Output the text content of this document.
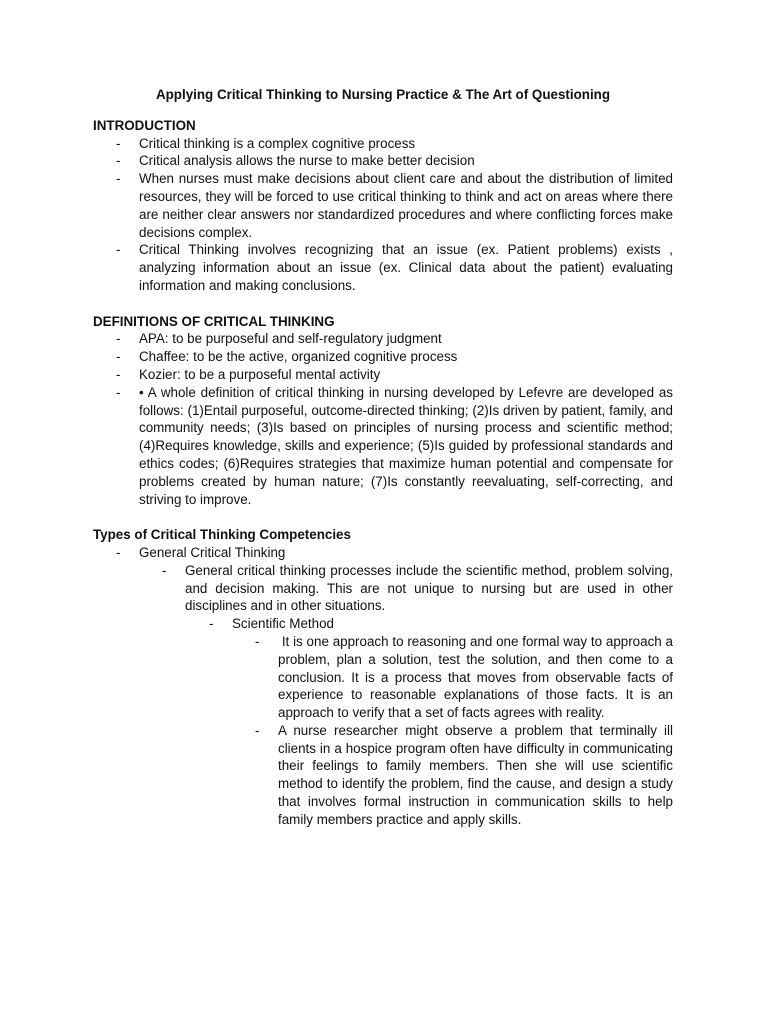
Applying Critical Thinking to Nursing Practice & The Art of Questioning

INTRODUCTION

- Critical thinking is a complex cognitive process
- Critical analysis allows the nurse to make better decision
- When nurses must make decisions about client care and about the distribution of limited resources, they will be forced to use critical thinking to think and act on areas where there are neither clear answers nor standardized procedures and where conflicting forces make decisions complex.
- Critical Thinking involves recognizing that an issue (ex. Patient problems) exists , analyzing information about an issue (ex. Clinical data about the patient) evaluating information and making conclusions.

DEFINITIONS OF CRITICAL THINKING

- APA: to be purposeful and self-regulatory judgment
- Chaffee: to be the active, organized cognitive process
- Kozier: to be a purposeful mental activity
- • A whole definition of critical thinking in nursing developed by Lefevre are developed as follows: (1)Entail purposeful, outcome-directed thinking; (2)Is driven by patient, family, and community needs; (3)Is based on principles of nursing process and scientific method;(4)Requires knowledge, skills and experience; (5)Is guided by professional standards and ethics codes; (6)Requires strategies that maximize human potential and compensate for problems created by human nature; (7)Is constantly reevaluating, self-correcting, and striving to improve.

Types of Critical Thinking Competencies

- General Critical Thinking
- General critical thinking processes include the scientific method, problem solving, and decision making. This are not unique to nursing but are used in other disciplines and in other situations.
- Scientific Method
- It is one approach to reasoning and one formal way to approach a problem, plan a solution, test the solution, and then come to a conclusion. It is a process that moves from observable facts of experience to reasonable explanations of those facts. It is an approach to verify that a set of facts agrees with reality.
- A nurse researcher might observe a problem that terminally ill clients in a hospice program often have difficulty in communicating their feelings to family members. Then she will use scientific method to identify the problem, find the cause, and design a study that involves formal instruction in communication skills to help family members practice and apply skills.
